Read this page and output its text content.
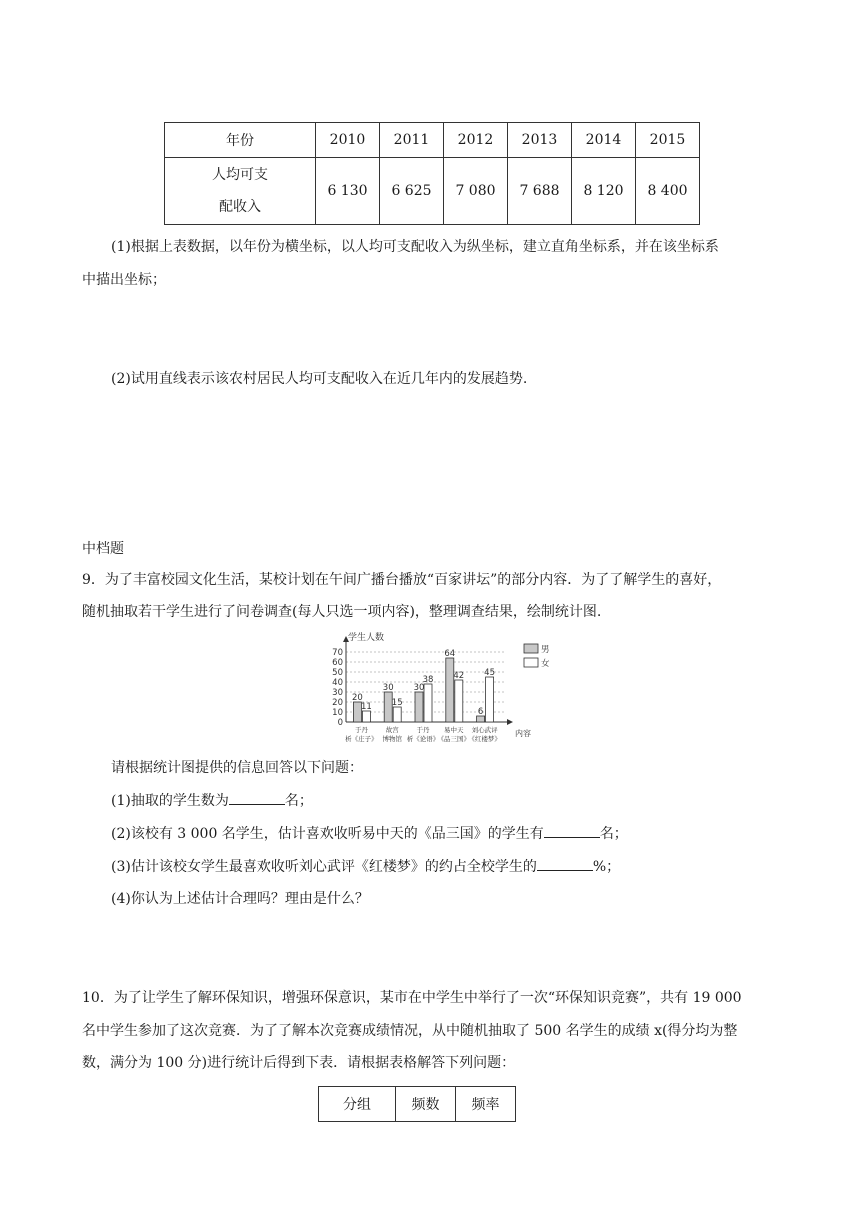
年份	2010	2011	2012	2013	2014	2015

人均可支
配收入	6 130	6 625	7 080	7 688	8 120	8 400
(1)根据上表数据，以年份为横坐标，以人均可支配收入为纵坐标，建立直角坐标系，并在该坐标系
中描出坐标；
(2)试用直线表示该农村居民人均可支配收入在近几年内的发展趋势.
中档题
9．为了丰富校园文化生活，某校计划在午间广播台播放“百家讲坛”的部分内容．为了了解学生的喜好，
随机抽取若干学生进行了问卷调查(每人只选一项内容)，整理调查结果，绘制统计图.
0
10
20
30
40
50
60
70
学生人数
内容
20
11
于丹
析《庄子》
30
15
故宫
博物馆
30
38
于丹
析《论语》
64
42
易中天
《品三国》
6
45
刘心武评
《红楼梦》
男
女
请根据统计图提供的信息回答以下问题：
(1)抽取的学生数为	名；
(2)该校有 3 000 名学生，估计喜欢收听易中天的《品三国》的学生有	名；
(3)估计该校女学生最喜欢收听刘心武评《红楼梦》的约占全校学生的	%；
(4)你认为上述估计合理吗？理由是什么？
10．为了让学生了解环保知识，增强环保意识，某市在中学生中举行了一次“环保知识竞赛”，共有 19 000
名中学生参加了这次竞赛．为了了解本次竞赛成绩情况，从中随机抽取了 500 名学生的成绩 x(得分均为整
数，满分为 100 分)进行统计后得到下表．请根据表格解答下列问题：
分组	频数	频率
